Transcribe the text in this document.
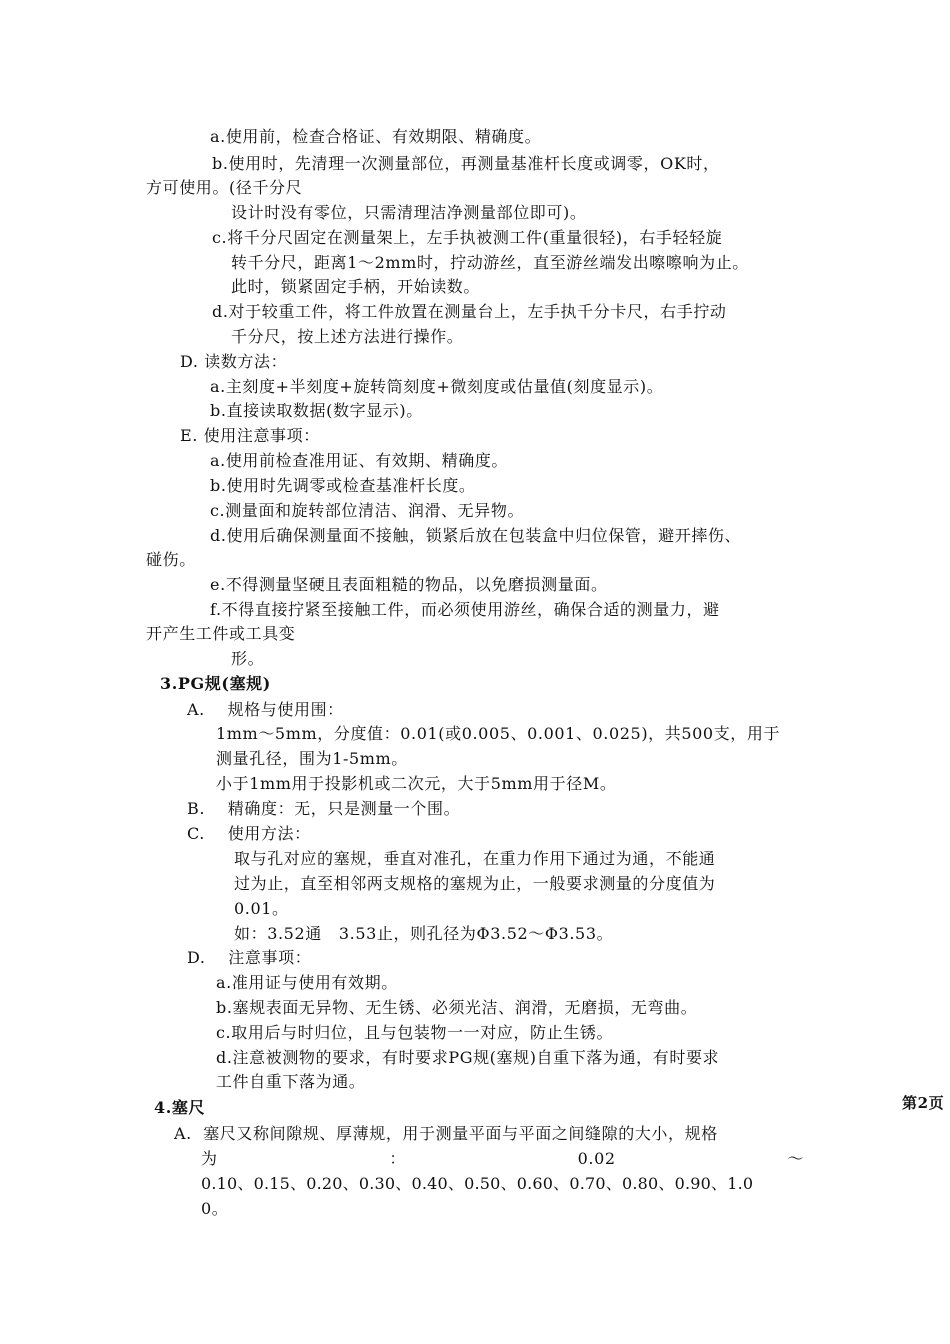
a.使用前，检查合格证、有效期限、精确度。
b.使用时，先清理一次测量部位，再测量基准杆长度或调零，OK时，
方可使用。(径千分尺
设计时没有零位，只需清理洁净测量部位即可)。
c.将千分尺固定在测量架上，左手执被测工件(重量很轻)，右手轻轻旋
转千分尺，距离1～2mm时，拧动游丝，直至游丝端发出嚓嚓响为止。
此时，锁紧固定手柄，开始读数。
d.对于较重工件，将工件放置在测量台上，左手执千分卡尺，右手拧动
千分尺，按上述方法进行操作。
D. 读数方法：
a.主刻度+半刻度+旋转筒刻度+微刻度或估量值(刻度显示)。
b.直接读取数据(数字显示)。
E. 使用注意事项：
a.使用前检查准用证、有效期、精确度。
b.使用时先调零或检查基准杆长度。
c.测量面和旋转部位清洁、润滑、无异物。
d.使用后确保测量面不接触，锁紧后放在包装盒中归位保管，避开摔伤、
碰伤。
e.不得测量坚硬且表面粗糙的物品，以免磨损测量面。
f.不得直接拧紧至接触工件，而必须使用游丝，确保合适的测量力，避
开产生工件或工具变
形。
3.PG规(塞规)
A.    规格与使用围：
1mm～5mm，分度值：0.01(或0.005、0.001、0.025)，共500支，用于
测量孔径，围为1-5mm。
小于1mm用于投影机或二次元，大于5mm用于径M。
B.    精确度：无，只是测量一个围。
C.    使用方法：
取与孔对应的塞规，垂直对准孔，在重力作用下通过为通，不能通
过为止，直至相邻两支规格的塞规为止，一般要求测量的分度值为
0.01。
如：3.52通   3.53止，则孔径为Φ3.52～Φ3.53。
D.    注意事项：
a.准用证与使用有效期。
b.塞规表面无异物、无生锈、必须光洁、润滑，无磨损，无弯曲。
c.取用后与时归位，且与包装物一一对应，防止生锈。
d.注意被测物的要求，有时要求PG规(塞规)自重下落为通，有时要求
工件自重下落为通。
4.塞尺	第2页
A.  塞尺又称间隙规、厚薄规，用于测量平面与平面之间缝隙的大小，规格
为	：	0.02	～
0.10、0.15、0.20、0.30、0.40、0.50、0.60、0.70、0.80、0.90、1.0
0。
